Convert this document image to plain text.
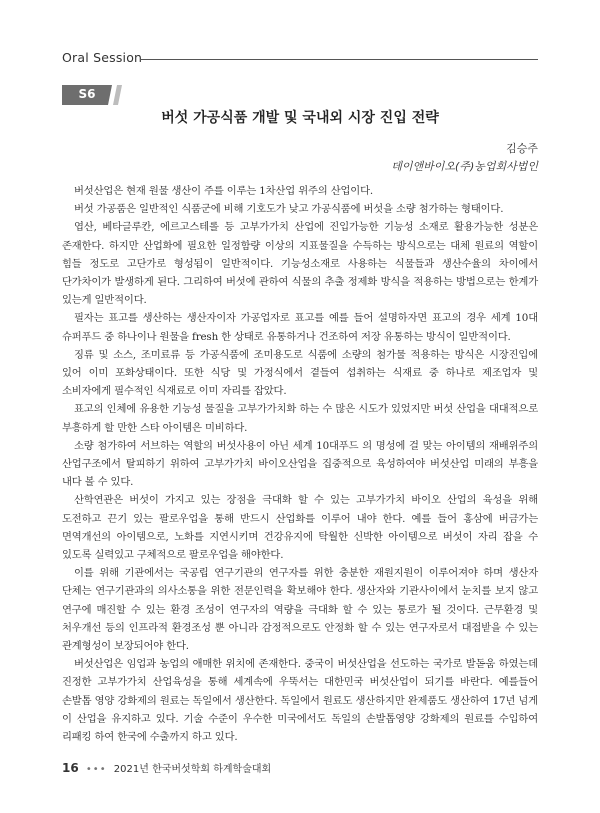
Oral Session
S6
버섯 가공식품 개발 및 국내외 시장 진입 전략
김승주
데이앤바이오(주)농업회사법인

버섯산업은 현재 원물 생산이 주를 이루는 1차산업 위주의 산업이다.

버섯 가공품은 일반적인 식품군에 비해 기호도가 낮고 가공식품에 버섯을 소량 첨가하는 형태이다.

엽산, 베타글루칸, 에르고스테롤 등 고부가가치 산업에 진입가능한 기능성 소재로 활용가능한 성분은 존재한다. 하지만 산업화에 필요한 일정함량 이상의 지표물질을 수득하는 방식으로는 대체 원료의 역할이 힘들 정도로 고단가로 형성됨이 일반적이다. 기능성소재로 사용하는 식물들과 생산수율의 차이에서 단가차이가 발생하게 된다. 그리하여 버섯에 관하여 식물의 추출 정제화 방식을 적용하는 방법으로는 한계가 있는게 일반적이다.

필자는 표고를 생산하는 생산자이자 가공업자로 표고를 예를 들어 설명하자면 표고의 경우 세계 10대 슈퍼푸드 중 하나이나 원물을 fresh 한 상태로 유통하거나 건조하여 저장 유통하는 방식이 일반적이다.

징류 및 소스, 조미료류 등 가공식품에 조미용도로 식품에 소량의 첨가물 적용하는 방식은 시장진입에 있어 이미 포화상태이다. 또한 식당 및 가정식에서 곁들여 섭취하는 식재료 중 하나로 제조업자 및 소비자에게 필수적인 식재료로 이미 자리를 잡았다.

표고의 인체에 유용한 기능성 물질을 고부가가치화 하는 수 많은 시도가 있었지만 버섯 산업을 대대적으로 부흥하게 할 만한 스타 아이템은 미비하다.

소량 첨가하여 서브하는 역할의 버섯사용이 아닌 세계 10대푸드 의 명성에 걸 맞는 아이템의 재배위주의 산업구조에서 탈피하기 위하여 고부가가치 바이오산업을 집중적으로 육성하여야 버섯산업 미래의 부흥을 내다 볼 수 있다.

산학연관은 버섯이 가지고 있는 장점을 극대화 할 수 있는 고부가가치 바이오 산업의 육성을 위해 도전하고 끈기 있는 팔로우업을 통해 반드시 산업화를 이루어 내야 한다. 예를 들어 홍삼에 버금가는 면역개선의 아이템으로, 노화를 지연시키며 건강유지에 탁월한 신박한 아이템으로 버섯이 자리 잡을 수 있도록 실력있고 구체적으로 팔로우업을 해야한다.

이를 위해 기관에서는 국공립 연구기관의 연구자를 위한 충분한 재원지원이 이루어져야 하며 생산자 단체는 연구기관과의 의사소통을 위한 전문인력을 확보해야 한다. 생산자와 기관사이에서 눈치를 보지 않고 연구에 매진할 수 있는 환경 조성이 연구자의 역량을 극대화 할 수 있는 통로가 될 것이다. 근무환경 및 처우개선 등의 인프라적 환경조성 뿐 아니라 감정적으로도 안정화 할 수 있는 연구자로서 대접받을 수 있는 관계형성이 보장되어야 한다.

버섯산업은 임업과 농업의 애매한 위치에 존재한다. 중국이 버섯산업을 선도하는 국가로 발돋움 하였는데 진정한 고부가가치 산업육성을 통해 세계속에 우뚝서는 대한민국 버섯산업이 되기를 바란다. 예를들어 손발톱 영양 강화제의 원료는 독일에서 생산한다. 독일에서 원료도 생산하지만 완제품도 생산하여 17년 넘게 이 산업을 유지하고 있다. 기술 수준이 우수한 미국에서도 독일의 손발톱영양 강화제의 원료를 수입하여 리패킹 하여 한국에 수출까지 하고 있다.

16 ••• 2021년 한국버섯학회 하계학술대회
